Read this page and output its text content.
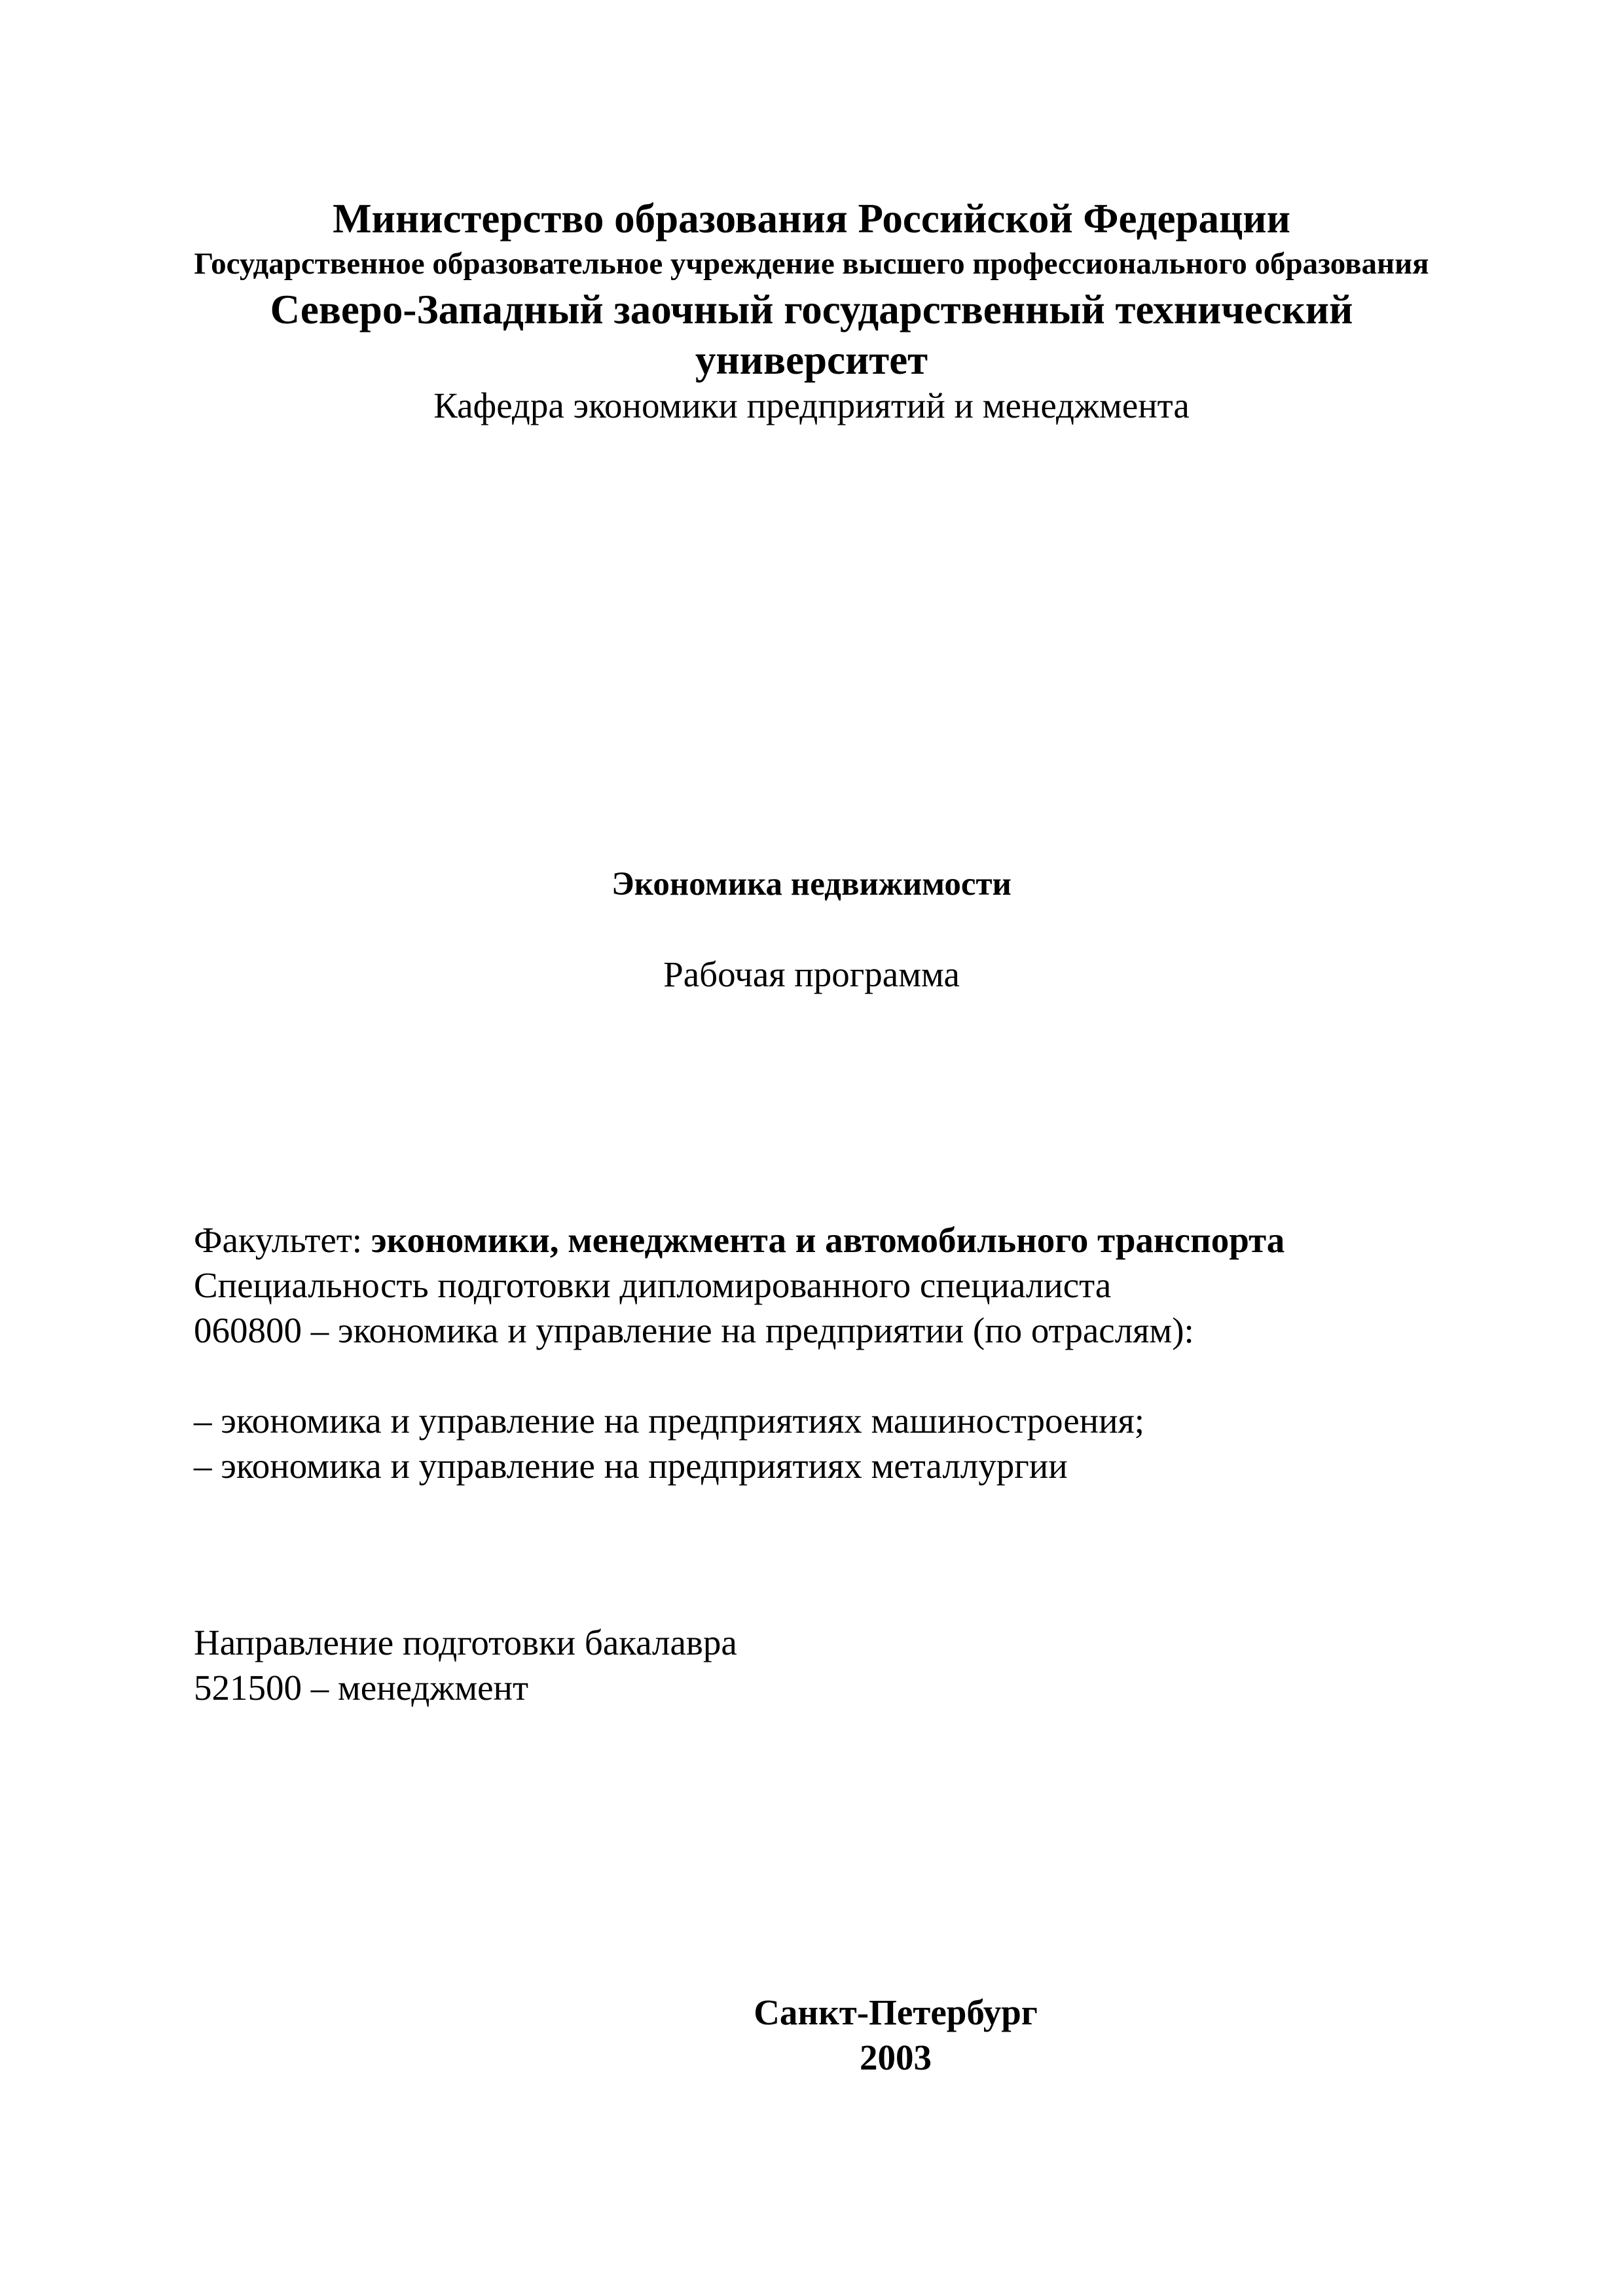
Министерство образования Российской Федерации

Государственное образовательное учреждение высшего профессионального образования

Северо-Западный заочный государственный технический

университет

Кафедра экономики предприятий и менеджмента

Экономика недвижимости

Рабочая программа

Факультет: экономики, менеджмента и автомобильного транспорта

Специальность подготовки дипломированного специалиста

060800 – экономика и управление на предприятии (по отраслям):

– экономика и управление на предприятиях машиностроения;

– экономика и управление на предприятиях металлургии

Направление подготовки бакалавра

521500 – менеджмент

Санкт-Петербург

2003
